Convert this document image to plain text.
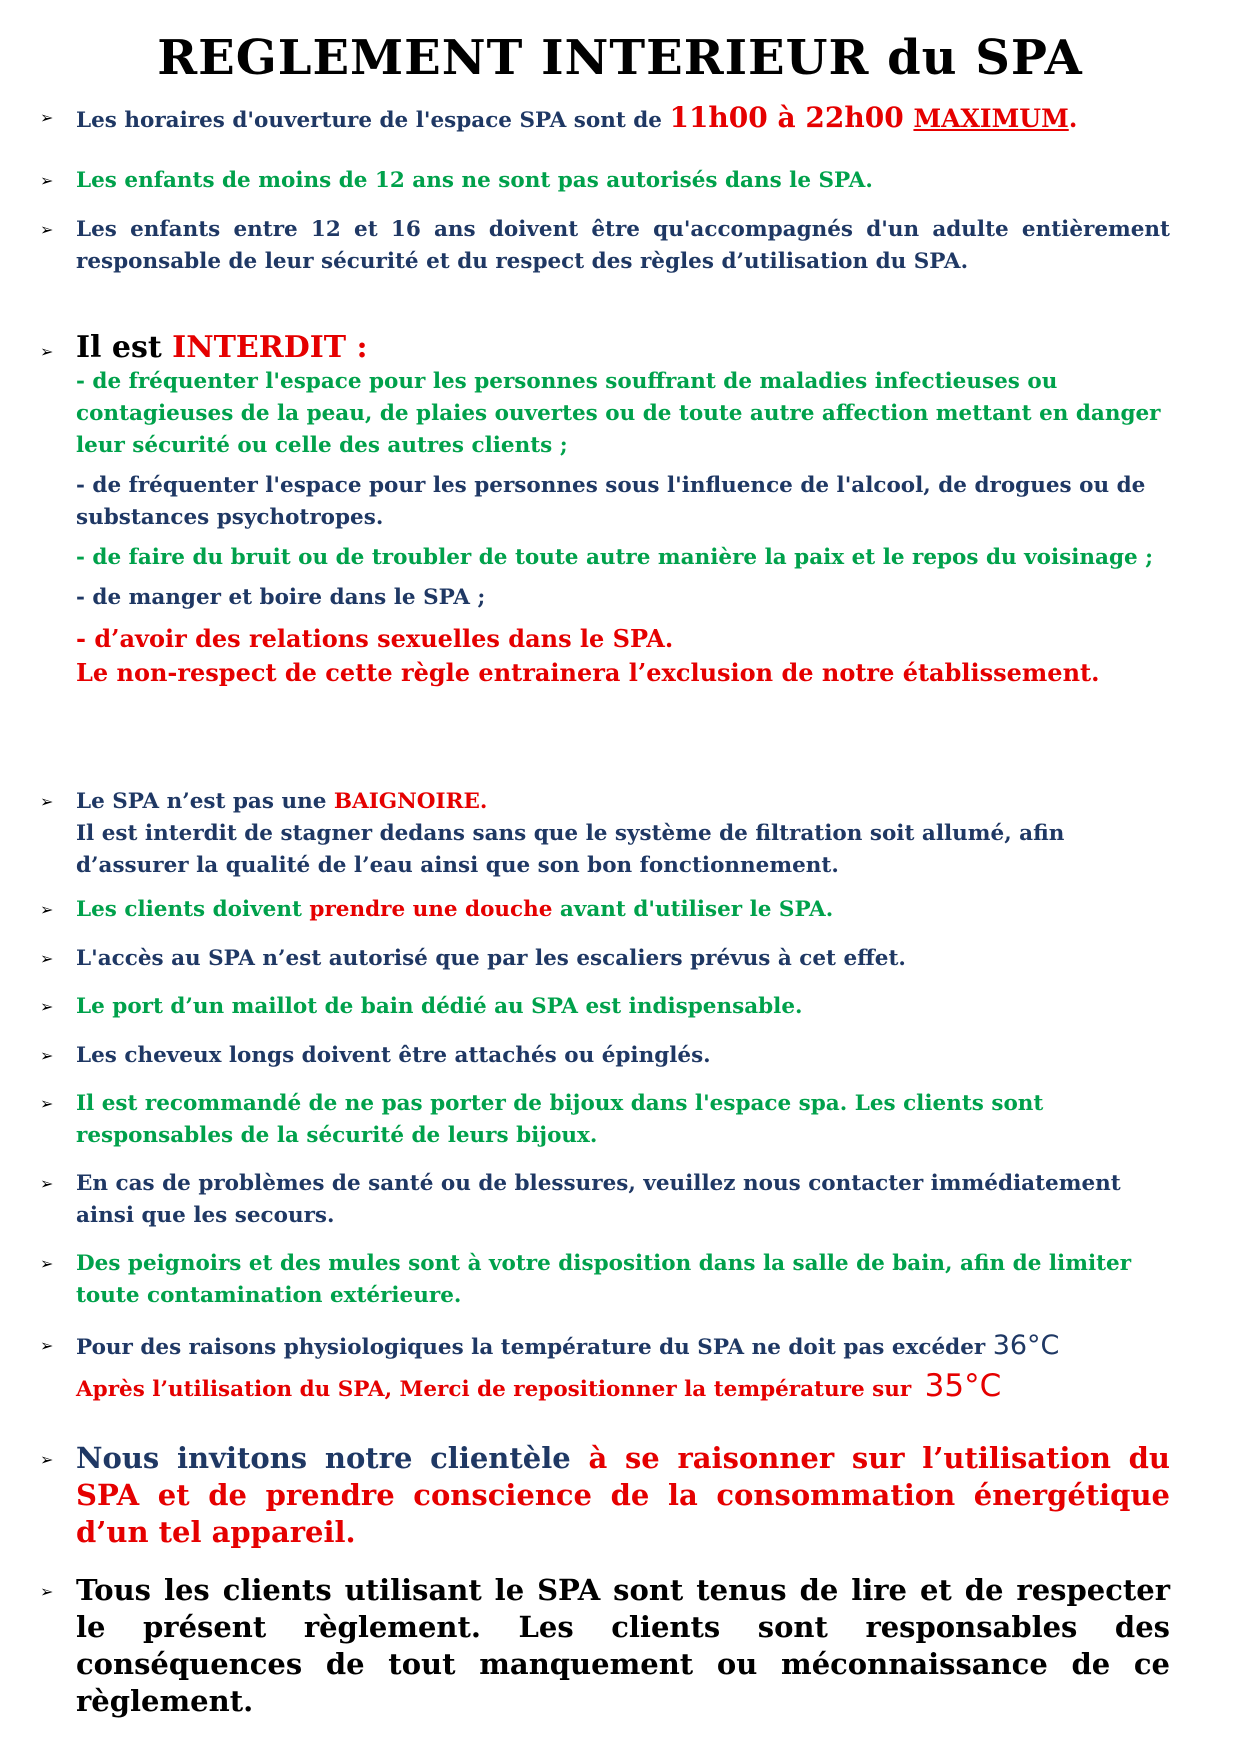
REGLEMENT INTERIEUR du SPA
➢ Les horaires d'ouverture de l'espace SPA sont de 11h00 à 22h00 MAXIMUM.
➢ Les enfants de moins de 12 ans ne sont pas autorisés dans le SPA.
➢ Les enfants entre 12 et 16 ans doivent être qu'accompagnés d'un adulte entièrement responsable de leur sécurité et du respect des règles d’utilisation du SPA.
➢ Il est INTERDIT :
- de fréquenter l'espace pour les personnes souffrant de maladies infectieuses ou contagieuses de la peau, de plaies ouvertes ou de toute autre affection mettant en danger leur sécurité ou celle des autres clients ;
- de fréquenter l'espace pour les personnes sous l'influence de l'alcool, de drogues ou de substances psychotropes.
- de faire du bruit ou de troubler de toute autre manière la paix et le repos du voisinage ;
- de manger et boire dans le SPA ;
- d’avoir des relations sexuelles dans le SPA.
Le non-respect de cette règle entrainera l’exclusion de notre établissement.
➢ Le SPA n’est pas une BAIGNOIRE.
Il est interdit de stagner dedans sans que le système de filtration soit allumé, afin d’assurer la qualité de l’eau ainsi que son bon fonctionnement.
➢ Les clients doivent prendre une douche avant d'utiliser le SPA.
➢ L'accès au SPA n’est autorisé que par les escaliers prévus à cet effet.
➢ Le port d’un maillot de bain dédié au SPA est indispensable.
➢ Les cheveux longs doivent être attachés ou épinglés.
➢ Il est recommandé de ne pas porter de bijoux dans l'espace spa. Les clients sont responsables de la sécurité de leurs bijoux.
➢ En cas de problèmes de santé ou de blessures, veuillez nous contacter immédiatement ainsi que les secours.
➢ Des peignoirs et des mules sont à votre disposition dans la salle de bain, afin de limiter toute contamination extérieure.
➢ Pour des raisons physiologiques la température du SPA ne doit pas excéder 36°C
Après l’utilisation du SPA, Merci de repositionner la température sur 35°C
➢ Nous invitons notre clientèle à se raisonner sur l’utilisation du SPA et de prendre conscience de la consommation énergétique d’un tel appareil.
➢ Tous les clients utilisant le SPA sont tenus de lire et de respecter le présent règlement. Les clients sont responsables des conséquences de tout manquement ou méconnaissance de ce règlement.
